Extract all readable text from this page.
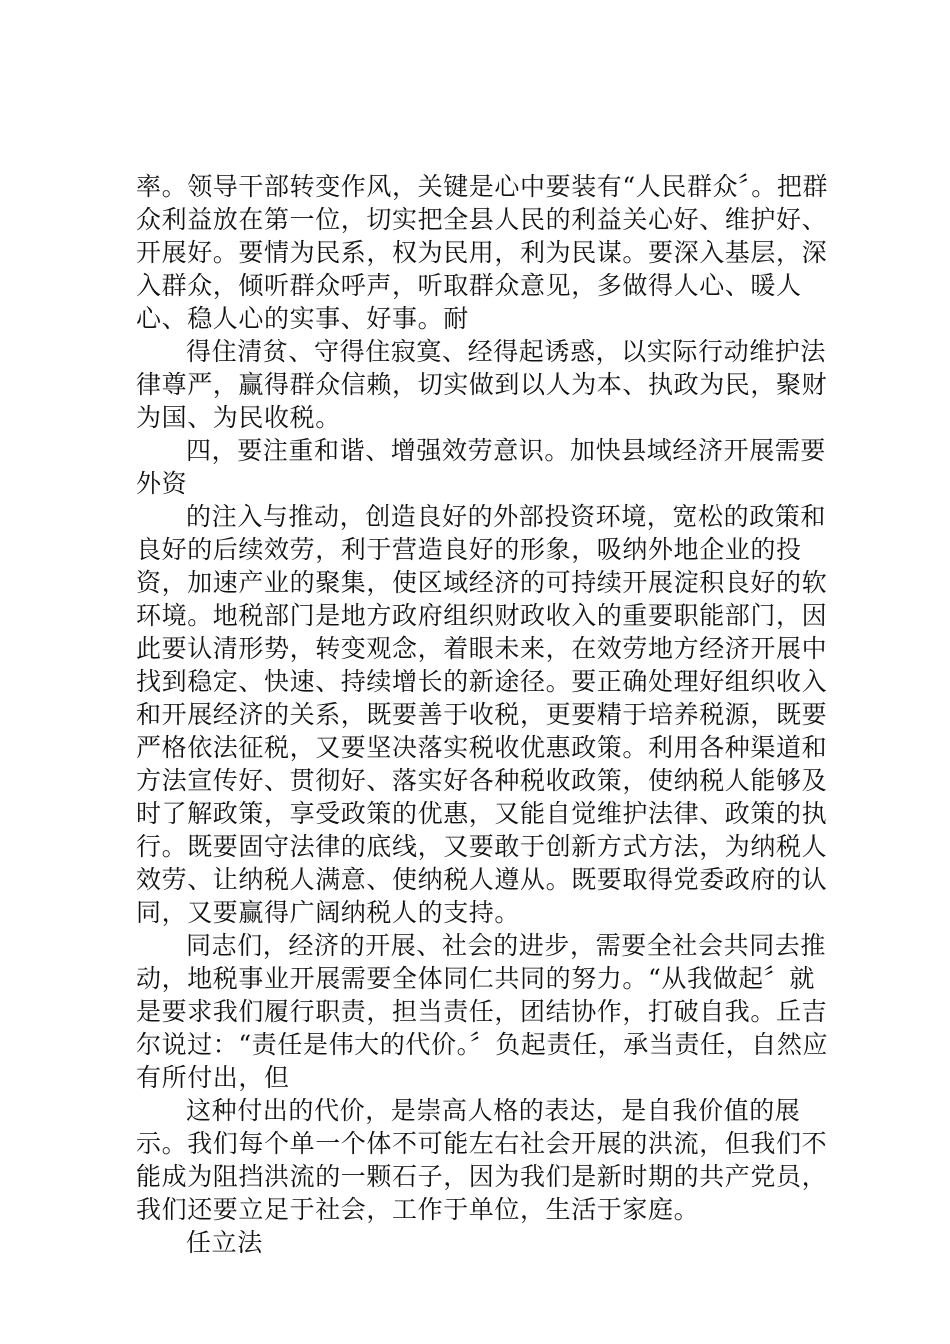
率。领导干部转变作风，关键是心中要装有“人民群众〞。把群众利益放在第一位，切实把全县人民的利益关心好、维护好、开展好。要情为民系，权为民用，利为民谋。要深入基层，深入群众，倾听群众呼声，听取群众意见，多做得人心、暖人心、稳人心的实事、好事。耐

得住清贫、守得住寂寞、经得起诱惑，以实际行动维护法律尊严，赢得群众信赖，切实做到以人为本、执政为民，聚财为国、为民收税。

四，要注重和谐、增强效劳意识。加快县域经济开展需要外资

的注入与推动，创造良好的外部投资环境，宽松的政策和良好的后续效劳，利于营造良好的形象，吸纳外地企业的投资，加速产业的聚集，使区域经济的可持续开展淀积良好的软环境。地税部门是地方政府组织财政收入的重要职能部门，因此要认清形势，转变观念，着眼未来，在效劳地方经济开展中找到稳定、快速、持续增长的新途径。要正确处理好组织收入和开展经济的关系，既要善于收税，更要精于培养税源，既要严格依法征税，又要坚决落实税收优惠政策。利用各种渠道和方法宣传好、贯彻好、落实好各种税收政策，使纳税人能够及时了解政策，享受政策的优惠，又能自觉维护法律、政策的执行。既要固守法律的底线，又要敢于创新方式方法，为纳税人效劳、让纳税人满意、使纳税人遵从。既要取得党委政府的认同，又要赢得广阔纳税人的支持。

同志们，经济的开展、社会的进步，需要全社会共同去推动，地税事业开展需要全体同仁共同的努力。“从我做起〞就是要求我们履行职责，担当责任，团结协作，打破自我。丘吉尔说过：“责任是伟大的代价。〞负起责任，承当责任，自然应有所付出，但

这种付出的代价，是崇高人格的表达，是自我价值的展示。我们每个单一个体不可能左右社会开展的洪流，但我们不能成为阻挡洪流的一颗石子，因为我们是新时期的共产党员，我们还要立足于社会，工作于单位，生活于家庭。

任立法
